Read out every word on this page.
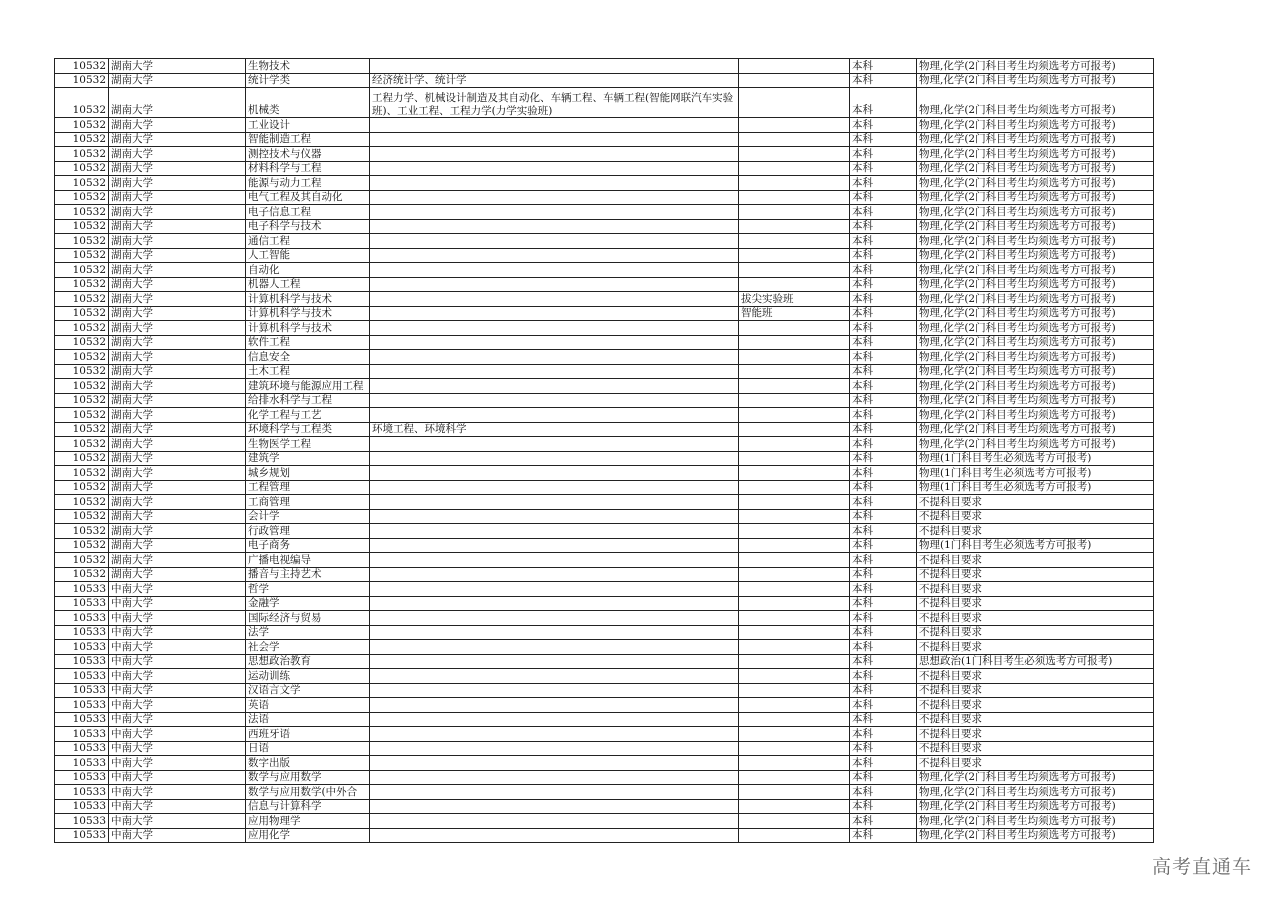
10532	湖南大学	生物技术			本科	物理,化学(2门科目考生均须选考方可报考)
10532	湖南大学	统计学类	经济统计学、统计学		本科	物理,化学(2门科目考生均须选考方可报考)
10532	湖南大学	机械类	工程力学、机械设计制造及其自动化、车辆工程、车辆工程(智能网联汽车实验班)、工业工程、工程力学(力学实验班)		本科	物理,化学(2门科目考生均须选考方可报考)
10532	湖南大学	工业设计			本科	物理,化学(2门科目考生均须选考方可报考)
10532	湖南大学	智能制造工程			本科	物理,化学(2门科目考生均须选考方可报考)
10532	湖南大学	测控技术与仪器			本科	物理,化学(2门科目考生均须选考方可报考)
10532	湖南大学	材料科学与工程			本科	物理,化学(2门科目考生均须选考方可报考)
10532	湖南大学	能源与动力工程			本科	物理,化学(2门科目考生均须选考方可报考)
10532	湖南大学	电气工程及其自动化			本科	物理,化学(2门科目考生均须选考方可报考)
10532	湖南大学	电子信息工程			本科	物理,化学(2门科目考生均须选考方可报考)
10532	湖南大学	电子科学与技术			本科	物理,化学(2门科目考生均须选考方可报考)
10532	湖南大学	通信工程			本科	物理,化学(2门科目考生均须选考方可报考)
10532	湖南大学	人工智能			本科	物理,化学(2门科目考生均须选考方可报考)
10532	湖南大学	自动化			本科	物理,化学(2门科目考生均须选考方可报考)
10532	湖南大学	机器人工程			本科	物理,化学(2门科目考生均须选考方可报考)
10532	湖南大学	计算机科学与技术		拔尖实验班	本科	物理,化学(2门科目考生均须选考方可报考)
10532	湖南大学	计算机科学与技术		智能班	本科	物理,化学(2门科目考生均须选考方可报考)
10532	湖南大学	计算机科学与技术			本科	物理,化学(2门科目考生均须选考方可报考)
10532	湖南大学	软件工程			本科	物理,化学(2门科目考生均须选考方可报考)
10532	湖南大学	信息安全			本科	物理,化学(2门科目考生均须选考方可报考)
10532	湖南大学	土木工程			本科	物理,化学(2门科目考生均须选考方可报考)
10532	湖南大学	建筑环境与能源应用工程			本科	物理,化学(2门科目考生均须选考方可报考)
10532	湖南大学	给排水科学与工程			本科	物理,化学(2门科目考生均须选考方可报考)
10532	湖南大学	化学工程与工艺			本科	物理,化学(2门科目考生均须选考方可报考)
10532	湖南大学	环境科学与工程类	环境工程、环境科学		本科	物理,化学(2门科目考生均须选考方可报考)
10532	湖南大学	生物医学工程			本科	物理,化学(2门科目考生均须选考方可报考)
10532	湖南大学	建筑学			本科	物理(1门科目考生必须选考方可报考)
10532	湖南大学	城乡规划			本科	物理(1门科目考生必须选考方可报考)
10532	湖南大学	工程管理			本科	物理(1门科目考生必须选考方可报考)
10532	湖南大学	工商管理			本科	不提科目要求
10532	湖南大学	会计学			本科	不提科目要求
10532	湖南大学	行政管理			本科	不提科目要求
10532	湖南大学	电子商务			本科	物理(1门科目考生必须选考方可报考)
10532	湖南大学	广播电视编导			本科	不提科目要求
10532	湖南大学	播音与主持艺术			本科	不提科目要求
10533	中南大学	哲学			本科	不提科目要求
10533	中南大学	金融学			本科	不提科目要求
10533	中南大学	国际经济与贸易			本科	不提科目要求
10533	中南大学	法学			本科	不提科目要求
10533	中南大学	社会学			本科	不提科目要求
10533	中南大学	思想政治教育			本科	思想政治(1门科目考生必须选考方可报考)
10533	中南大学	运动训练			本科	不提科目要求
10533	中南大学	汉语言文学			本科	不提科目要求
10533	中南大学	英语			本科	不提科目要求
10533	中南大学	法语			本科	不提科目要求
10533	中南大学	西班牙语			本科	不提科目要求
10533	中南大学	日语			本科	不提科目要求
10533	中南大学	数字出版			本科	不提科目要求
10533	中南大学	数学与应用数学			本科	物理,化学(2门科目考生均须选考方可报考)
10533	中南大学	数学与应用数学(中外合			本科	物理,化学(2门科目考生均须选考方可报考)
10533	中南大学	信息与计算科学			本科	物理,化学(2门科目考生均须选考方可报考)
10533	中南大学	应用物理学			本科	物理,化学(2门科目考生均须选考方可报考)
10533	中南大学	应用化学			本科	物理,化学(2门科目考生均须选考方可报考)
高考直通车
